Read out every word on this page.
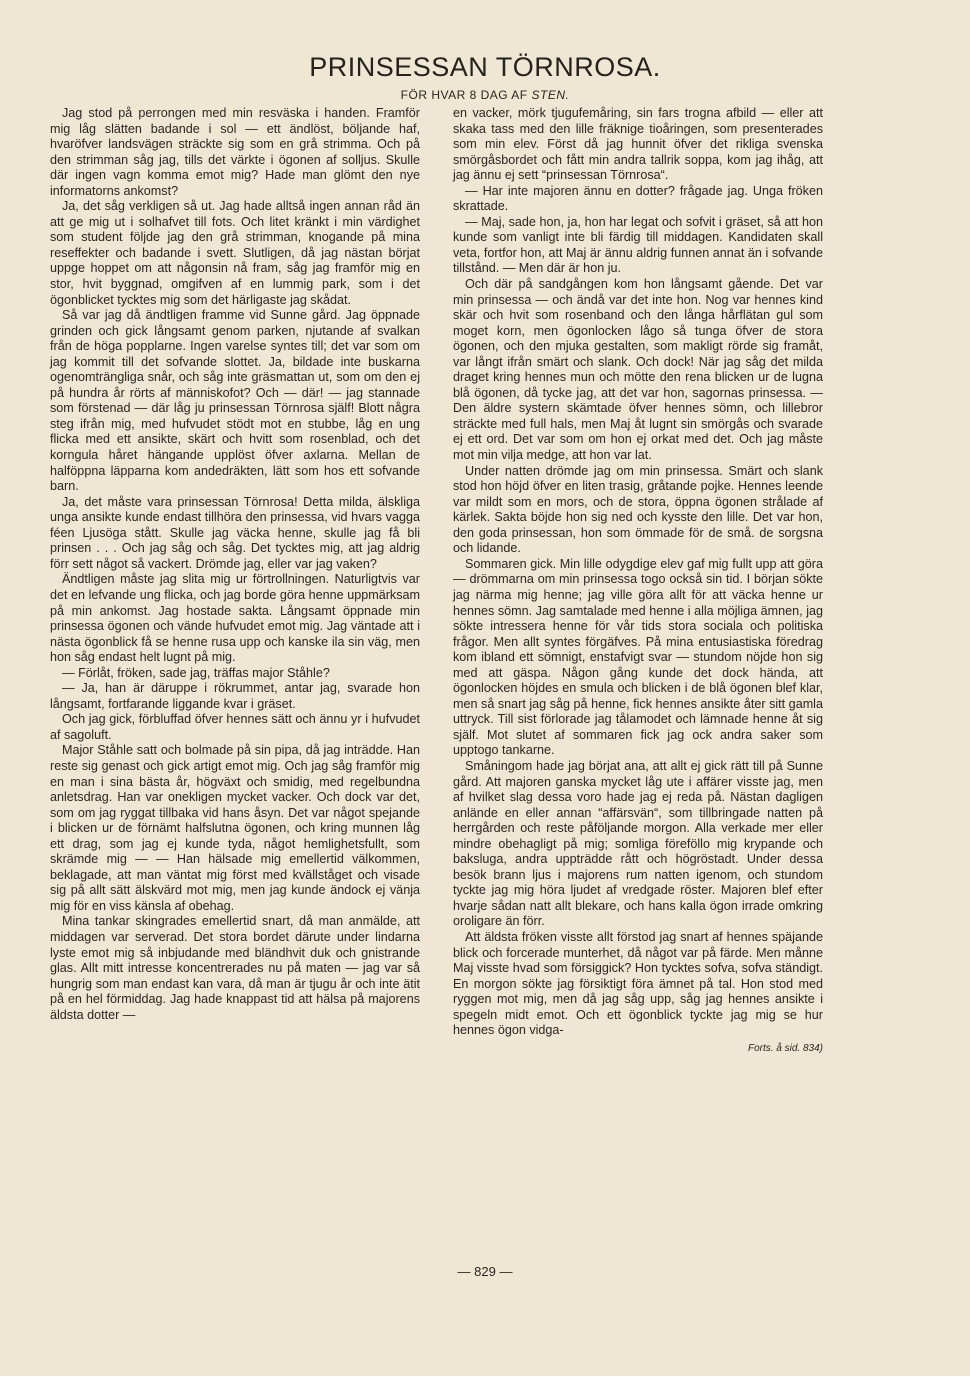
PRINSESSAN TÖRNROSA.
FÖR HVAR 8 DAG AF STEN.

Jag stod på perrongen med min resväska i handen. Framför mig låg slätten badande i sol — ett ändlöst, böljande haf, hvaröfver landsvägen sträckte sig som en grå strimma. Och på den strimman såg jag, tills det värkte i ögonen af solljus. Skulle där ingen vagn komma emot mig? Hade man glömt den nye informatorns ankomst?

Ja, det såg verkligen så ut. Jag hade alltså ingen annan råd än att ge mig ut i solhafvet till fots. Och litet kränkt i min värdighet som student följde jag den grå strimman, knogande på mina reseffekter och badande i svett. Slutligen, då jag nästan börjat uppge hoppet om att någonsin nå fram, såg jag framför mig en stor, hvit byggnad, omgifven af en lummig park, som i det ögonblicket tycktes mig som det härligaste jag skådat.

Så var jag då ändtligen framme vid Sunne gård. Jag öppnade grinden och gick långsamt genom parken, njutande af svalkan från de höga popplarne. Ingen varelse syntes till; det var som om jag kommit till det sofvande slottet. Ja, bildade inte buskarna ogenomträngliga snår, och såg inte gräsmattan ut, som om den ej på hundra år rörts af människofot? Och — där! — jag stannade som förstenad — där låg ju prinsessan Törnrosa själf! Blott några steg ifrån mig, med hufvudet stödt mot en stubbe, låg en ung flicka med ett ansikte, skärt och hvitt som rosenblad, och det korngula håret hängande upplöst öfver axlarna. Mellan de halföppna läpparna kom andedräkten, lätt som hos ett sofvande barn.

Ja, det måste vara prinsessan Törnrosa! Detta milda, älskliga unga ansikte kunde endast tillhöra den prinsessa, vid hvars vagga féen Ljusöga stått. Skulle jag väcka henne, skulle jag få bli prinsen . . . Och jag såg och såg. Det tycktes mig, att jag aldrig förr sett något så vackert. Drömde jag, eller var jag vaken?

Ändtligen måste jag slita mig ur förtrollningen. Naturligtvis var det en lefvande ung flicka, och jag borde göra henne uppmärksam på min ankomst. Jag hostade sakta. Långsamt öppnade min prinsessa ögonen och vände hufvudet emot mig. Jag väntade att i nästa ögonblick få se henne rusa upp och kanske ila sin väg, men hon såg endast helt lugnt på mig.

— Förlåt, fröken, sade jag, träffas major Ståhle?

— Ja, han är däruppe i rökrummet, antar jag, svarade hon långsamt, fortfarande liggande kvar i gräset.

Och jag gick, förbluffad öfver hennes sätt och ännu yr i hufvudet af sagoluft.

Major Ståhle satt och bolmade på sin pipa, då jag inträdde. Han reste sig genast och gick artigt emot mig. Och jag såg framför mig en man i sina bästa år, högväxt och smidig, med regelbundna anletsdrag. Han var onekligen mycket vacker. Och dock var det, som om jag ryggat tillbaka vid hans åsyn. Det var något spejande i blicken ur de förnämt halfslutna ögonen, och kring munnen låg ett drag, som jag ej kunde tyda, något hemlighetsfullt, som skrämde mig — — Han hälsade mig emellertid välkommen, beklagade, att man väntat mig först med kvällståget och visade sig på allt sätt älskvärd mot mig, men jag kunde ändock ej vänja mig för en viss känsla af obehag.

Mina tankar skingrades emellertid snart, då man anmälde, att middagen var serverad. Det stora bordet därute under lindarna lyste emot mig så inbjudande med bländhvit duk och gnistrande glas. Allt mitt intresse koncentrerades nu på maten — jag var så hungrig som man endast kan vara, då man är tjugu år och inte ätit på en hel förmiddag. Jag hade knappast tid att hälsa på majorens äldsta dotter —

en vacker, mörk tjugufemåring, sin fars trogna afbild — eller att skaka tass med den lille fräknige tioåringen, som presenterades som min elev. Först då jag hunnit öfver det rikliga svenska smörgåsbordet och fått min andra tallrik soppa, kom jag ihåg, att jag ännu ej sett “prinsessan Törnrosa“.

— Har inte majoren ännu en dotter? frågade jag. Unga fröken skrattade.

— Maj, sade hon, ja, hon har legat och sofvit i gräset, så att hon kunde som vanligt inte bli färdig till middagen. Kandidaten skall veta, fortfor hon, att Maj är ännu aldrig funnen annat än i sofvande tillstånd. — Men där är hon ju.

Och där på sandgången kom hon långsamt gående. Det var min prinsessa — och ändå var det inte hon. Nog var hennes kind skär och hvit som rosenband och den långa hårflätan gul som moget korn, men ögonlocken lågo så tunga öfver de stora ögonen, och den mjuka gestalten, som makligt rörde sig framåt, var långt ifrån smärt och slank. Och dock! När jag såg det milda draget kring hennes mun och mötte den rena blicken ur de lugna blå ögonen, då tycke jag, att det var hon, sagornas prinsessa. — Den äldre systern skämtade öfver hennes sömn, och lillebror sträckte med full hals, men Maj åt lugnt sin smörgås och svarade ej ett ord. Det var som om hon ej orkat med det. Och jag måste mot min vilja medge, att hon var lat.

Under natten drömde jag om min prinsessa. Smärt och slank stod hon höjd öfver en liten trasig, gråtande pojke. Hennes leende var mildt som en mors, och de stora, öppna ögonen strålade af kärlek. Sakta böjde hon sig ned och kysste den lille. Det var hon, den goda prinsessan, hon som ömmade för de små. de sorgsna och lidande.

Sommaren gick. Min lille odygdige elev gaf mig fullt upp att göra — drömmarna om min prinsessa togo också sin tid. I början sökte jag närma mig henne; jag ville göra allt för att väcka henne ur hennes sömn. Jag samtalade med henne i alla möjliga ämnen, jag sökte intressera henne för vår tids stora sociala och politiska frågor. Men allt syntes förgäfves. På mina entusiastiska föredrag kom ibland ett sömnigt, enstafvigt svar — stundom nöjde hon sig med att gäspa. Någon gång kunde det dock hända, att ögonlocken höjdes en smula och blicken i de blå ögonen blef klar, men så snart jag såg på henne, fick hennes ansikte åter sitt gamla uttryck. Till sist förlorade jag tålamodet och lämnade henne åt sig själf. Mot slutet af sommaren fick jag ock andra saker som upptogo tankarne.

Småningom hade jag börjat ana, att allt ej gick rätt till på Sunne gård. Att majoren ganska mycket låg ute i affärer visste jag, men af hvilket slag dessa voro hade jag ej reda på. Nästan dagligen anlände en eller annan “affärsvän“, som tillbringade natten på herrgården och reste påföljande morgon. Alla verkade mer eller mindre obehagligt på mig; somliga föreföllo mig krypande och baksluga, andra uppträdde rått och högröstadt. Under dessa besök brann ljus i majorens rum natten igenom, och stundom tyckte jag mig höra ljudet af vredgade röster. Majoren blef efter hvarje sådan natt allt blekare, och hans kalla ögon irrade omkring oroligare än förr.

Att äldsta fröken visste allt förstod jag snart af hennes späjande blick och forcerade munterhet, då något var på färde. Men månne Maj visste hvad som försiggick? Hon tycktes sofva, sofva ständigt. En morgon sökte jag försiktigt föra ämnet på tal. Hon stod med ryggen mot mig, men då jag såg upp, såg jag hennes ansikte i spegeln midt emot. Och ett ögonblick tyckte jag mig se hur hennes ögon vidga-

Forts. å sid. 834)
— 829 —
